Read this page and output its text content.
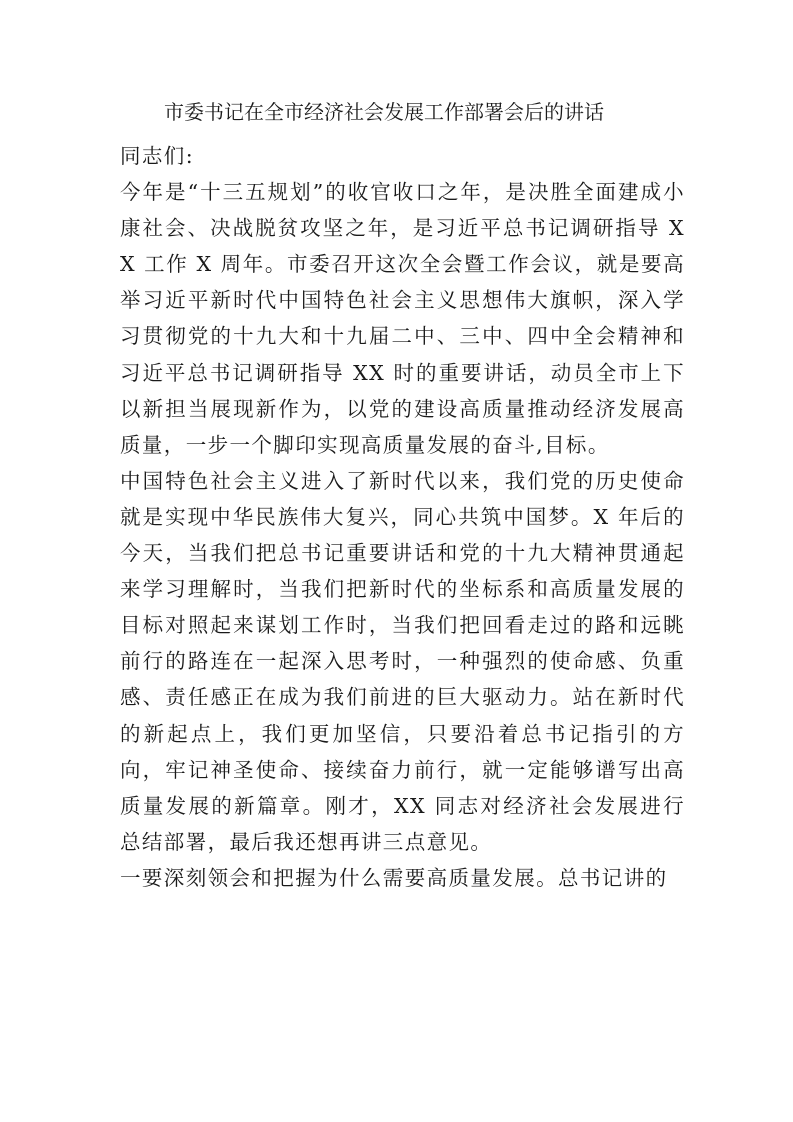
市委书记在全市经济社会发展工作部署会后的讲话

同志们:

今年是“十三五规划”的收官收口之年，是决胜全面建成小康社会、决战脱贫攻坚之年，是习近平总书记调研指导 XX 工作 X 周年。市委召开这次全会暨工作会议，就是要高举习近平新时代中国特色社会主义思想伟大旗帜，深入学习贯彻党的十九大和十九届二中、三中、四中全会精神和习近平总书记调研指导 XX 时的重要讲话，动员全市上下以新担当展现新作为，以党的建设高质量推动经济发展高质量，一步一个脚印实现高质量发展的奋斗,目标。

中国特色社会主义进入了新时代以来，我们党的历史使命就是实现中华民族伟大复兴，同心共筑中国梦。X 年后的今天，当我们把总书记重要讲话和党的十九大精神贯通起来学习理解时，当我们把新时代的坐标系和高质量发展的目标对照起来谋划工作时，当我们把回看走过的路和远眺前行的路连在一起深入思考时，一种强烈的使命感、负重感、责任感正在成为我们前进的巨大驱动力。站在新时代的新起点上，我们更加坚信，只要沿着总书记指引的方向，牢记神圣使命、接续奋力前行，就一定能够谱写出高质量发展的新篇章。刚才，XX 同志对经济社会发展进行总结部署，最后我还想再讲三点意见。

一要深刻领会和把握为什么需要高质量发展。总书记讲的
